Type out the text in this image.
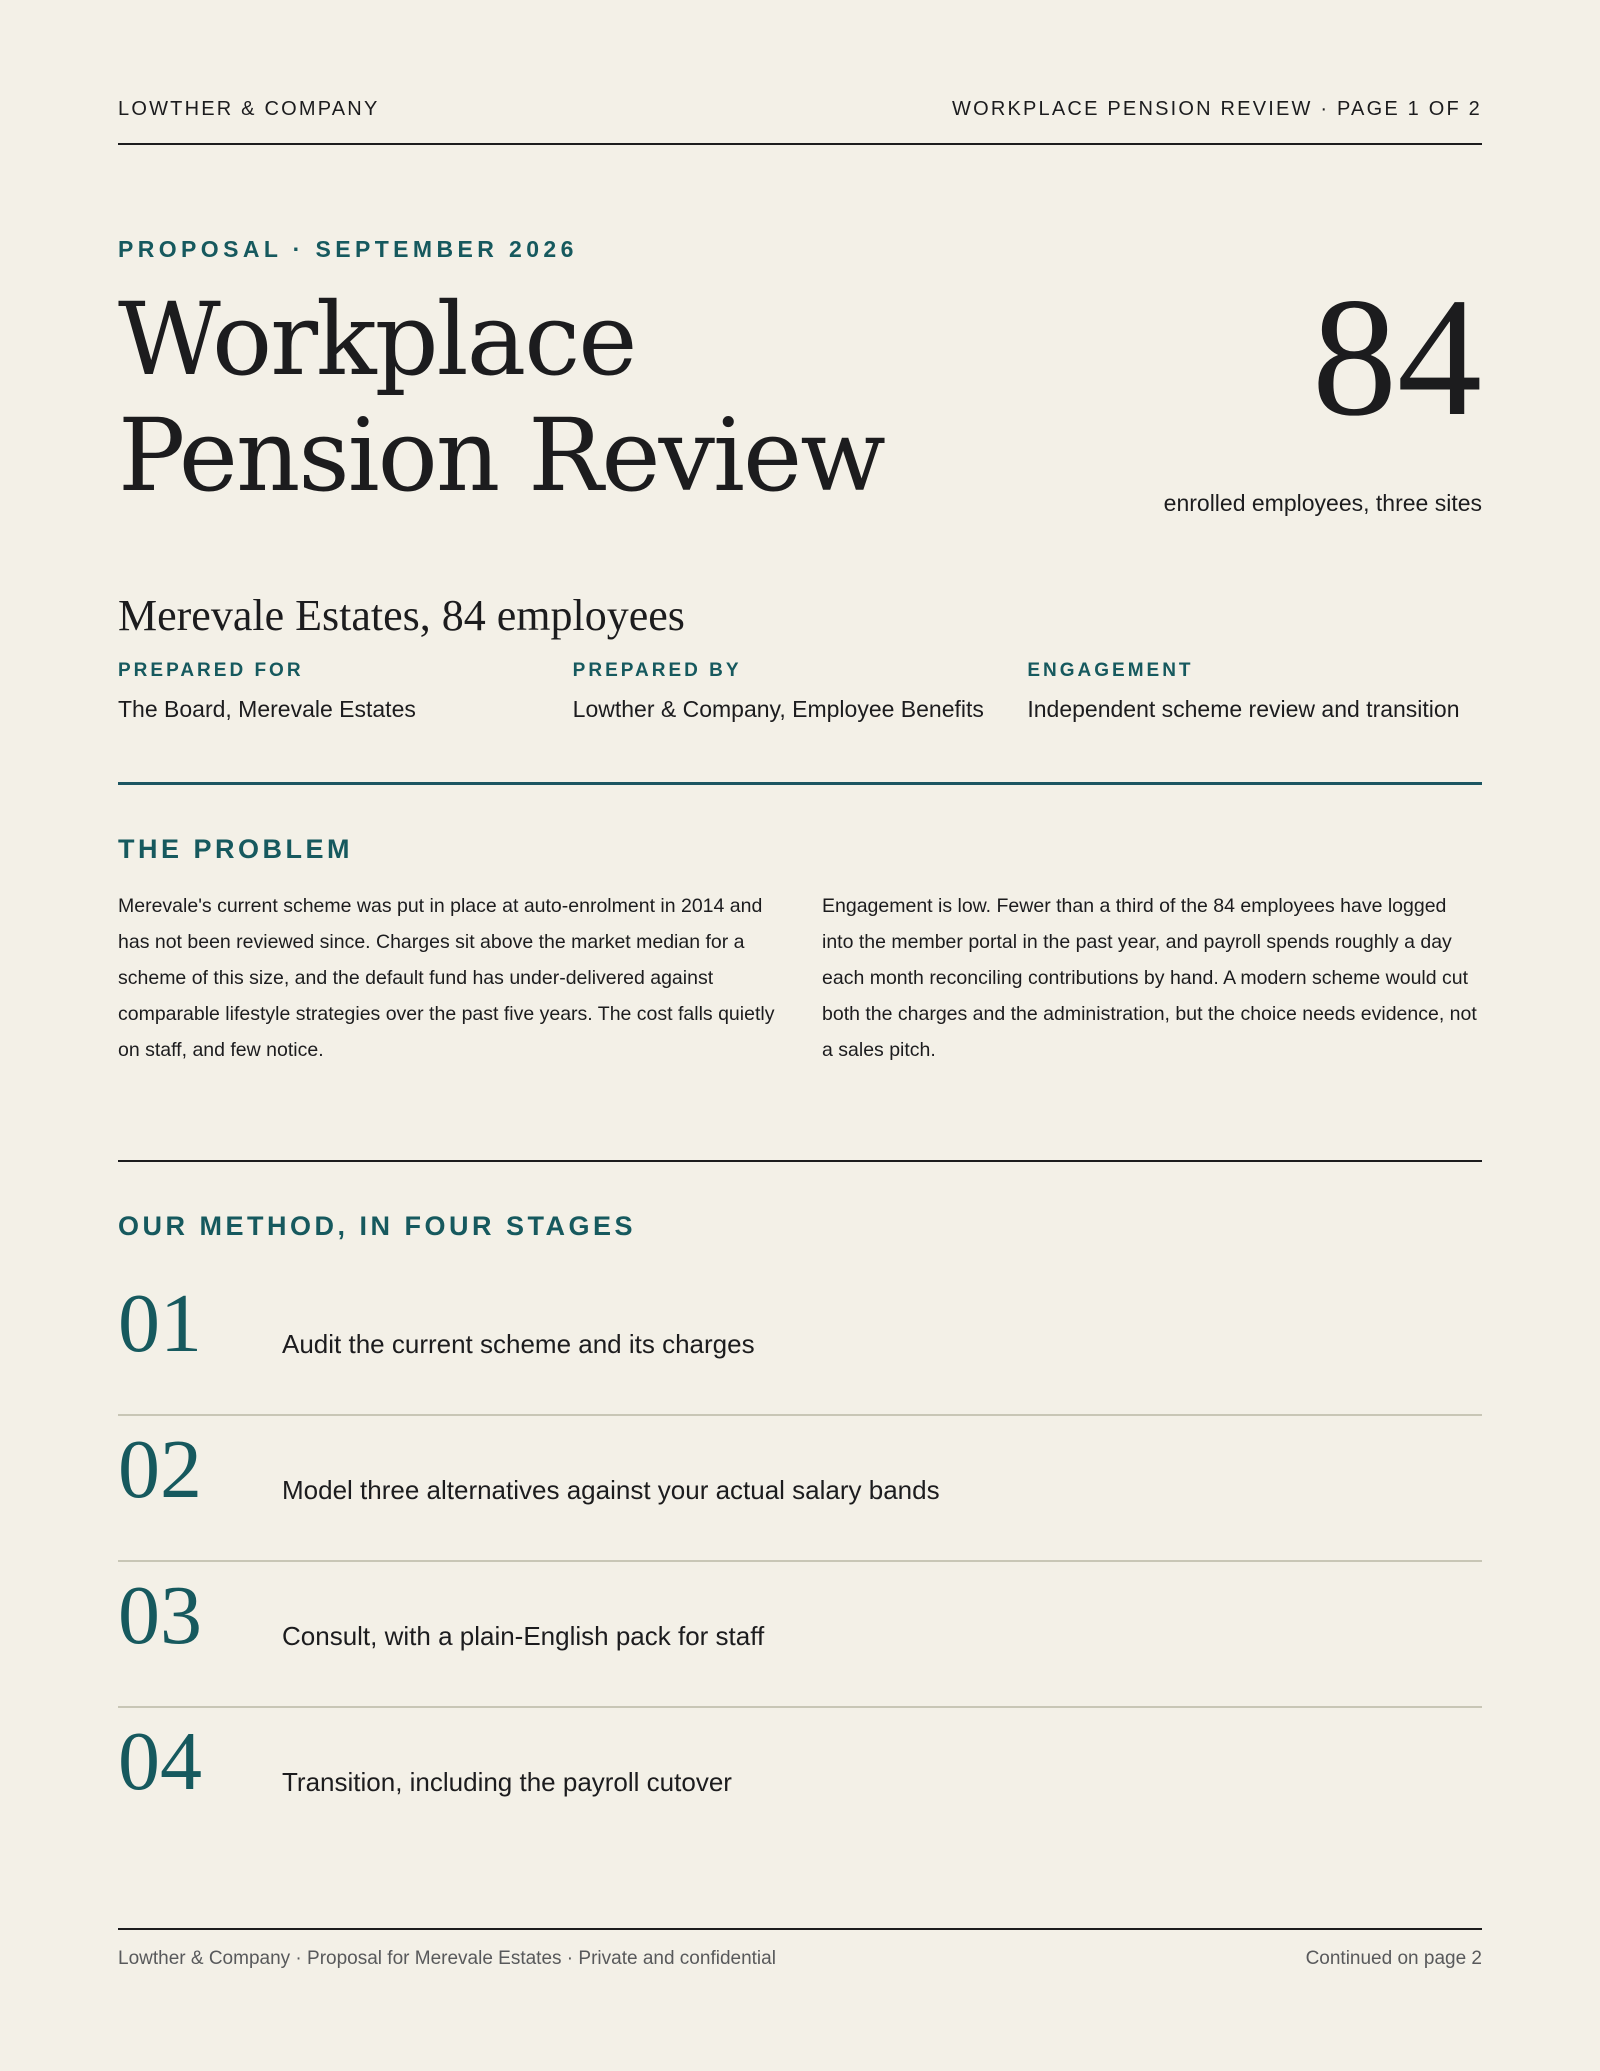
LOWTHER & COMPANY	WORKPLACE PENSION REVIEW · PAGE 1 OF 2
PROPOSAL · SEPTEMBER 2026
Workplace
Pension Review
84
enrolled employees, three sites
Merevale Estates, 84 employees
PREPARED FOR
The Board, Merevale Estates
PREPARED BY
Lowther & Company, Employee Benefits
ENGAGEMENT
Independent scheme review and transition
THE PROBLEM

Merevale's current scheme was put in place at auto-enrolment in 2014 and has not been reviewed since. Charges sit above the market median for a scheme of this size, and the default fund has under-delivered against comparable lifestyle strategies over the past five years. The cost falls quietly on staff, and few notice.

Engagement is low. Fewer than a third of the 84 employees have logged into the member portal in the past year, and payroll spends roughly a day each month reconciling contributions by hand. A modern scheme would cut both the charges and the administration, but the choice needs evidence, not a sales pitch.

OUR METHOD, IN FOUR STAGES
01	Audit the current scheme and its charges
02	Model three alternatives against your actual salary bands
03	Consult, with a plain-English pack for staff
04	Transition, including the payroll cutover
Lowther & Company · Proposal for Merevale Estates · Private and confidential	Continued on page 2
